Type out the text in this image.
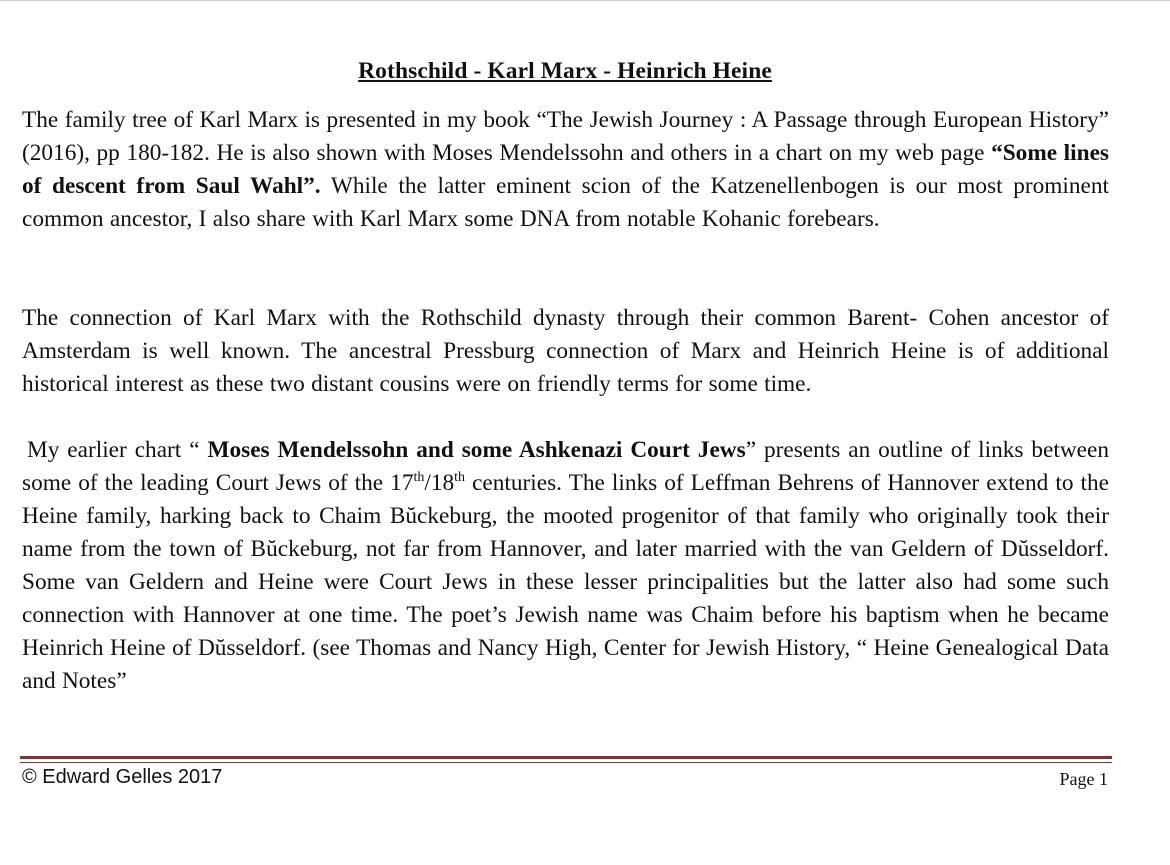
Rothschild - Karl Marx - Heinrich Heine
The family tree of Karl Marx is presented in my book “The Jewish Journey : A Passage through European History” (2016), pp 180-182. He is also shown with Moses Mendelssohn and others in a chart on my web page “Some lines of descent from Saul Wahl”. While the latter eminent scion of the Katzenellenbogen is our most prominent common ancestor, I also share with Karl Marx some DNA from notable Kohanic forebears.
The connection of Karl Marx with the Rothschild dynasty through their common Barent- Cohen ancestor of Amsterdam is well known. The ancestral Pressburg connection of Marx and Heinrich Heine is of additional historical interest as these two distant cousins were on friendly terms for some time.
My earlier chart “ Moses Mendelssohn and some Ashkenazi Court Jews” presents an outline of links between some of the leading Court Jews of the 17th/18th centuries. The links of Leffman Behrens of Hannover extend to the Heine family, harking back to Chaim Bŭckeburg, the mooted progenitor of that family who originally took their name from the town of Bŭckeburg, not far from Hannover, and later married with the van Geldern of Dŭsseldorf. Some van Geldern and Heine were Court Jews in these lesser principalities but the latter also had some such connection with Hannover at one time. The poet’s Jewish name was Chaim before his baptism when he became Heinrich Heine of Dŭsseldorf. (see Thomas and Nancy High, Center for Jewish History, “ Heine Genealogical Data and Notes”
© Edward Gelles 2017	Page 1
